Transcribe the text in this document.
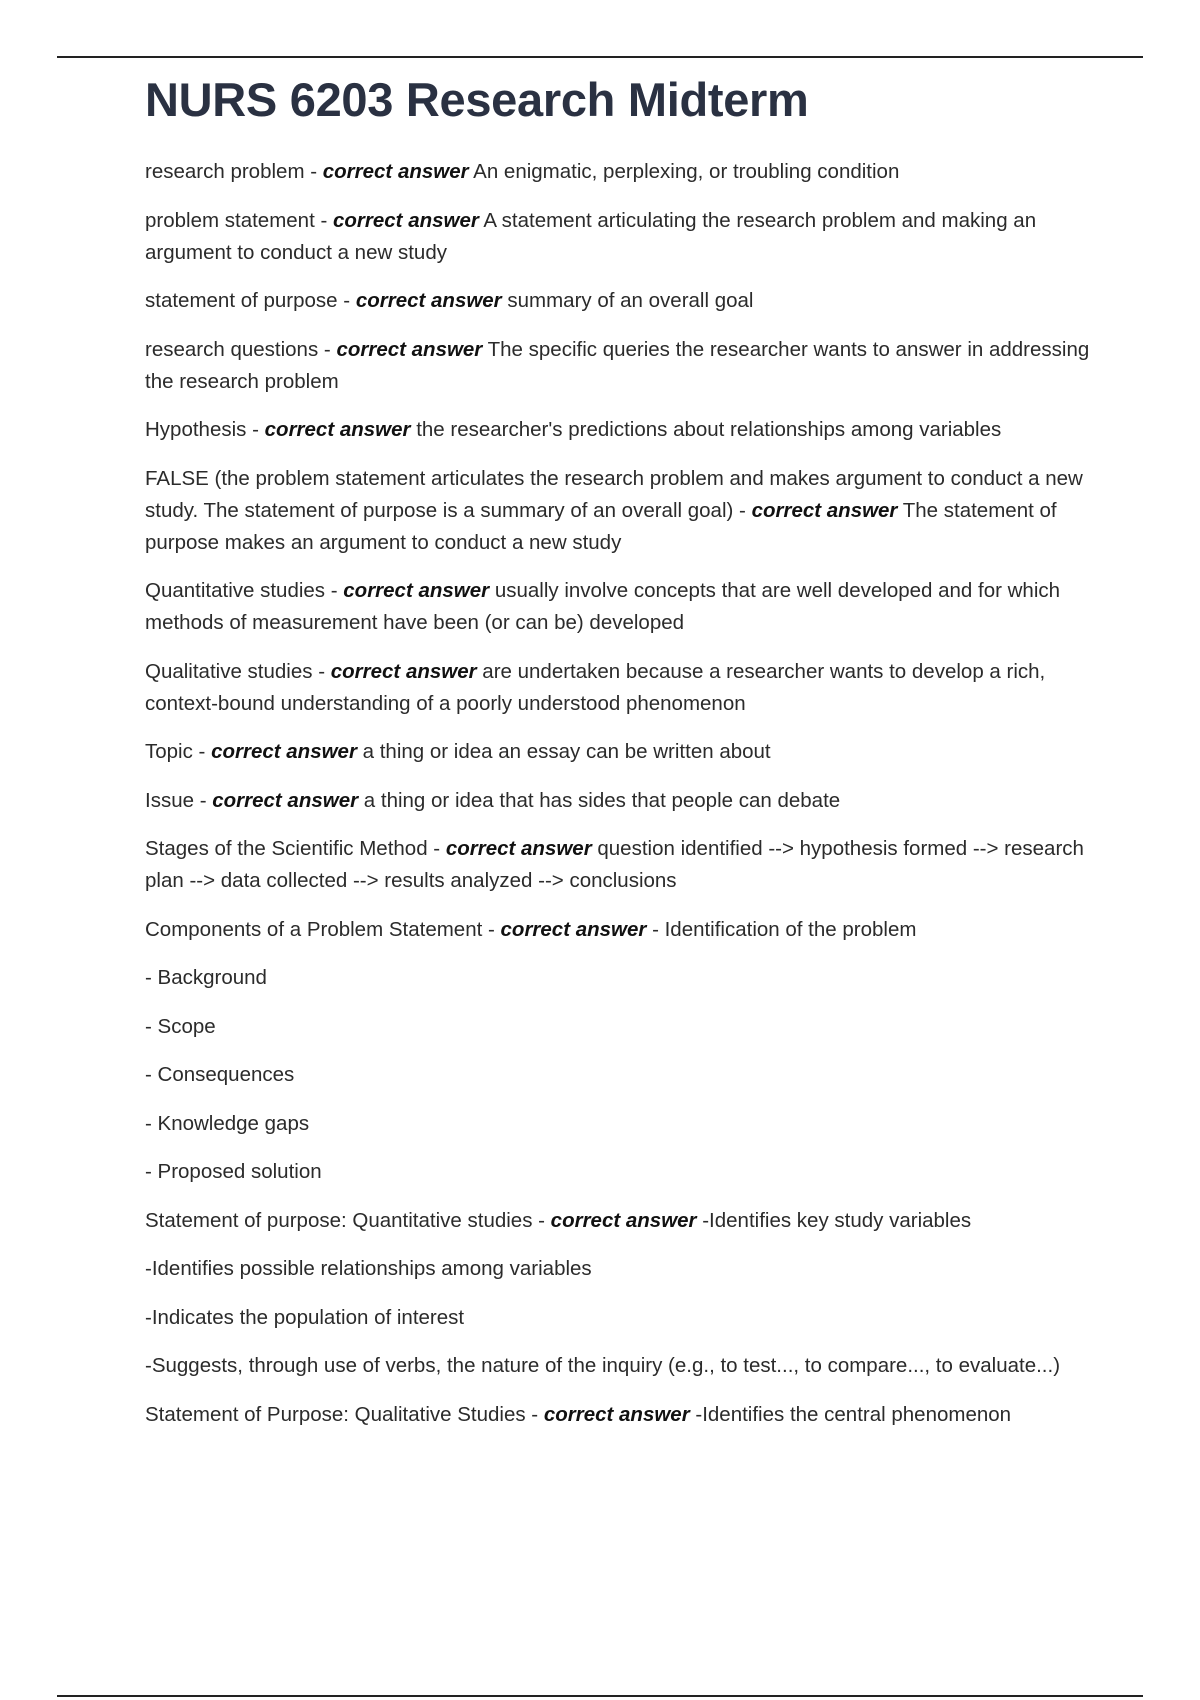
NURS 6203 Research Midterm

research problem - correct answer An enigmatic, perplexing, or troubling condition

problem statement - correct answer A statement articulating the research problem and making an argument to conduct a new study

statement of purpose - correct answer summary of an overall goal

research questions - correct answer The specific queries the researcher wants to answer in addressing the research problem

Hypothesis - correct answer the researcher's predictions about relationships among variables

FALSE (the problem statement articulates the research problem and makes argument to conduct a new study. The statement of purpose is a summary of an overall goal) - correct answer The statement of purpose makes an argument to conduct a new study

Quantitative studies - correct answer usually involve concepts that are well developed and for which methods of measurement have been (or can be) developed

Qualitative studies - correct answer are undertaken because a researcher wants to develop a rich, context-bound understanding of a poorly understood phenomenon

Topic - correct answer a thing or idea an essay can be written about

Issue - correct answer a thing or idea that has sides that people can debate

Stages of the Scientific Method - correct answer question identified --> hypothesis formed --> research plan --> data collected --> results analyzed --> conclusions

Components of a Problem Statement - correct answer - Identification of the problem

- Background

- Scope

- Consequences

- Knowledge gaps

- Proposed solution

Statement of purpose: Quantitative studies - correct answer -Identifies key study variables

-Identifies possible relationships among variables

-Indicates the population of interest

-Suggests, through use of verbs, the nature of the inquiry (e.g., to test..., to compare..., to evaluate...)

Statement of Purpose: Qualitative Studies - correct answer -Identifies the central phenomenon
